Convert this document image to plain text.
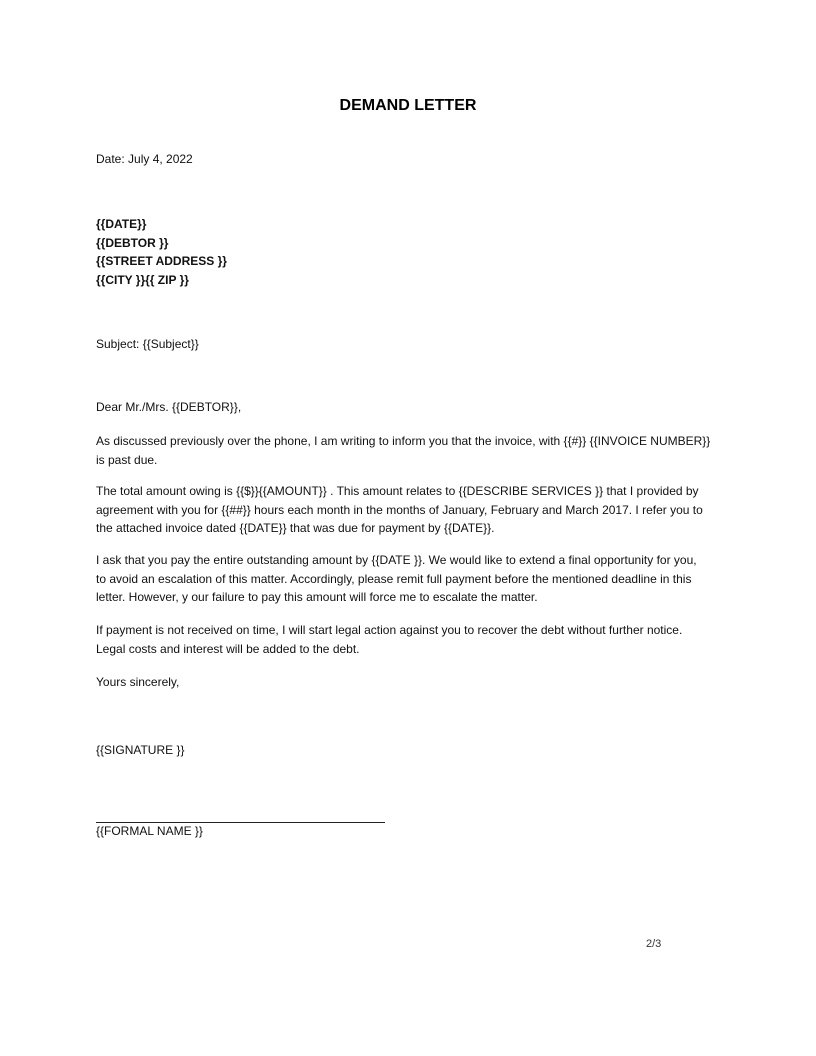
DEMAND LETTER
Date: July 4, 2022
{{DATE}}
{{DEBTOR }}
{{STREET ADDRESS }}
{{CITY }}{{ ZIP }}
Subject: {{Subject}}
Dear Mr./Mrs. {{DEBTOR}},
As discussed previously over the phone, I am writing to inform you that the invoice, with {{#}} {{INVOICE NUMBER}}
is past due.
The total amount owing is {{$}}{{AMOUNT}} . This amount relates to {{DESCRIBE SERVICES }} that I provided by
agreement with you for {{##}} hours each month in the months of January, February and March 2017. I refer you to
the attached invoice dated {{DATE}} that was due for payment by {{DATE}}.
I ask that you pay the entire outstanding amount by {{DATE }}. We would like to extend a final opportunity for you,
to avoid an escalation of this matter. Accordingly, please remit full payment before the mentioned deadline in this
letter. However, y our failure to pay this amount will force me to escalate the matter.
If payment is not received on time, I will start legal action against you to recover the debt without further notice.
Legal costs and interest will be added to the debt.
Yours sincerely,
{{SIGNATURE }}
{{FORMAL NAME }}
2/3
